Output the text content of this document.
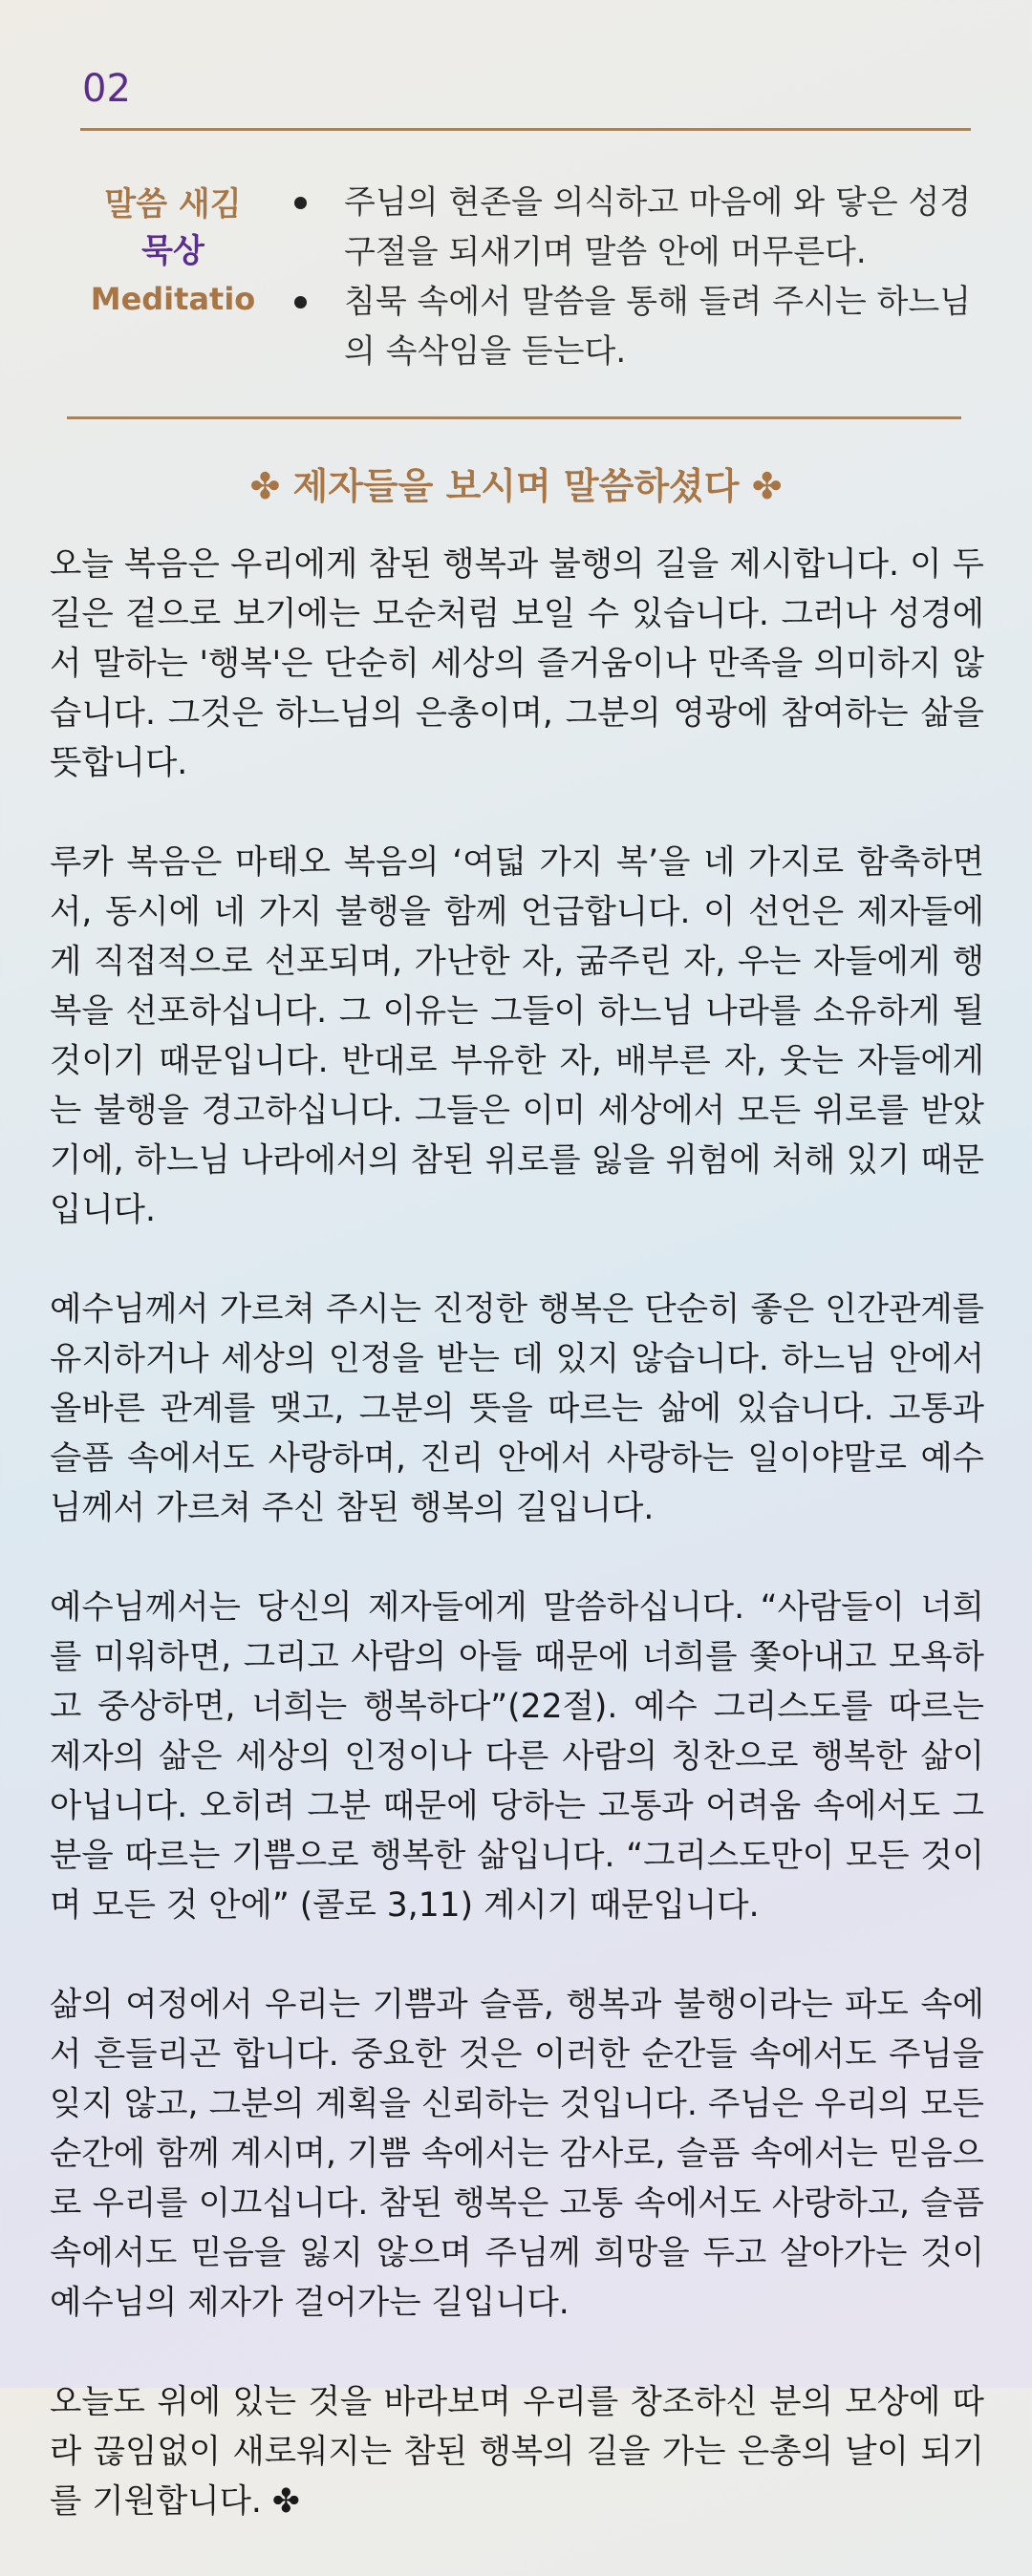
02
말씀 새김
묵상
Meditatio
주님의 현존을 의식하고 마음에 와 닿은 성경구절을 되새기며 말씀 안에 머무른다.
침묵 속에서 말씀을 통해 들려 주시는 하느님의 속삭임을 듣는다.
✤ 제자들을 보시며 말씀하셨다 ✤

오늘 복음은 우리에게 참된 행복과 불행의 길을 제시합니다. 이 두 길은 겉으로 보기에는 모순처럼 보일 수 있습니다. 그러나 성경에서 말하는 '행복'은 단순히 세상의 즐거움이나 만족을 의미하지 않습니다. 그것은 하느님의 은총이며, 그분의 영광에 참여하는 삶을 뜻합니다.

루카 복음은 마태오 복음의 ‘여덟 가지 복’을 네 가지로 함축하면서, 동시에 네 가지 불행을 함께 언급합니다. 이 선언은 제자들에게 직접적으로 선포되며, 가난한 자, 굶주린 자, 우는 자들에게 행복을 선포하십니다. 그 이유는 그들이 하느님 나라를 소유하게 될 것이기 때문입니다. 반대로 부유한 자, 배부른 자, 웃는 자들에게는 불행을 경고하십니다. 그들은 이미 세상에서 모든 위로를 받았기에, 하느님 나라에서의 참된 위로를 잃을 위험에 처해 있기 때문입니다.

예수님께서 가르쳐 주시는 진정한 행복은 단순히 좋은 인간관계를 유지하거나 세상의 인정을 받는 데 있지 않습니다. 하느님 안에서 올바른 관계를 맺고, 그분의 뜻을 따르는 삶에 있습니다. 고통과 슬픔 속에서도 사랑하며, 진리 안에서 사랑하는 일이야말로 예수님께서 가르쳐 주신 참된 행복의 길입니다.

예수님께서는 당신의 제자들에게 말씀하십니다. “사람들이 너희를 미워하면, 그리고 사람의 아들 때문에 너희를 쫓아내고 모욕하고 중상하면, 너희는 행복하다”(22절). 예수 그리스도를 따르는 제자의 삶은 세상의 인정이나 다른 사람의 칭찬으로 행복한 삶이 아닙니다. 오히려 그분 때문에 당하는 고통과 어려움 속에서도 그분을 따르는 기쁨으로 행복한 삶입니다. “그리스도만이 모든 것이며 모든 것 안에” (콜로 3,11) 계시기 때문입니다.

삶의 여정에서 우리는 기쁨과 슬픔, 행복과 불행이라는 파도 속에서 흔들리곤 합니다. 중요한 것은 이러한 순간들 속에서도 주님을 잊지 않고, 그분의 계획을 신뢰하는 것입니다. 주님은 우리의 모든 순간에 함께 계시며, 기쁨 속에서는 감사로, 슬픔 속에서는 믿음으로 우리를 이끄십니다. 참된 행복은 고통 속에서도 사랑하고, 슬픔 속에서도 믿음을 잃지 않으며 주님께 희망을 두고 살아가는 것이 예수님의 제자가 걸어가는 길입니다.

오늘도 위에 있는 것을 바라보며 우리를 창조하신 분의 모상에 따라 끊임없이 새로워지는 참된 행복의 길을 가는 은총의 날이 되기를 기원합니다. ✤
